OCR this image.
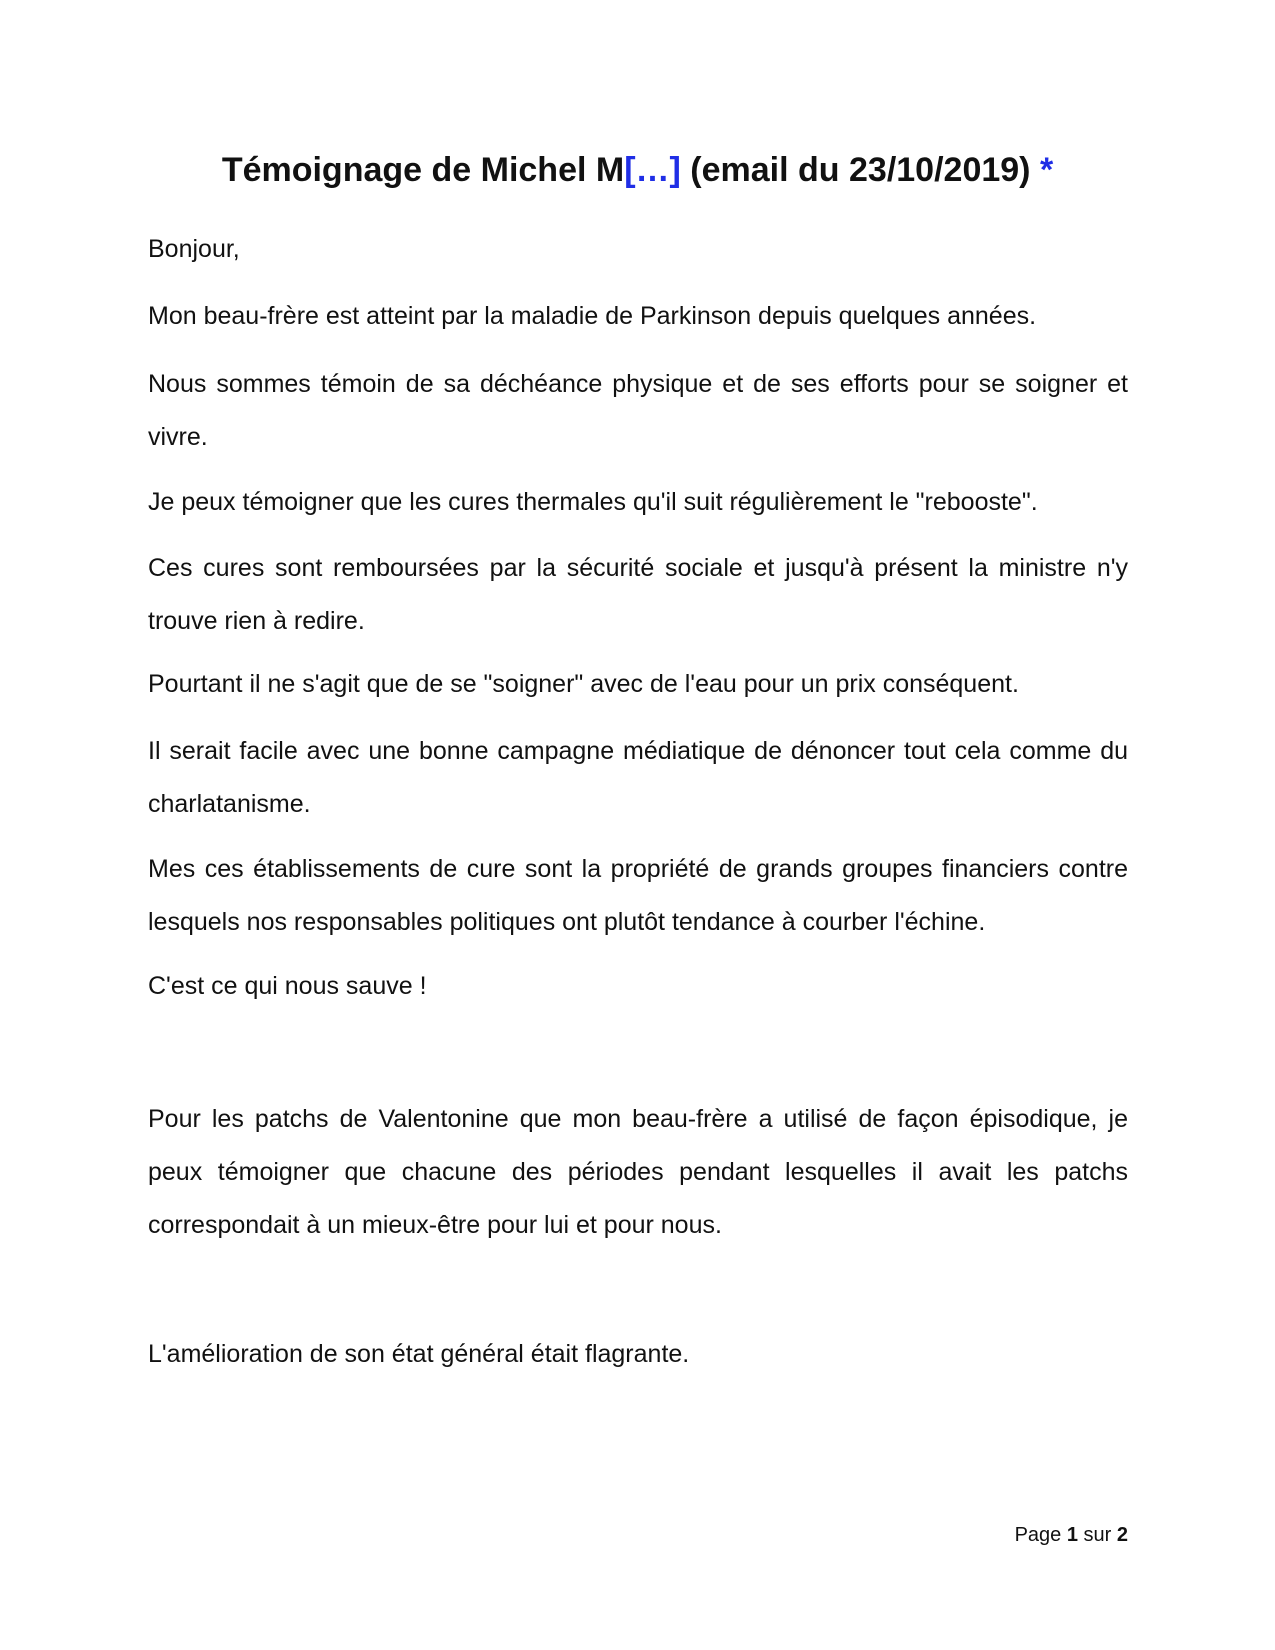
Témoignage de Michel M[…] (email du 23/10/2019) *

Bonjour,

Mon beau-frère est atteint par la maladie de Parkinson depuis quelques années.

Nous sommes témoin de sa déchéance physique et de ses efforts pour se soigner et vivre.

Je peux témoigner que les cures thermales qu'il suit régulièrement le "rebooste".

Ces cures sont remboursées par la sécurité sociale et jusqu'à présent la ministre n'y trouve rien à redire.

Pourtant il ne s'agit que de se "soigner" avec de l'eau pour un prix conséquent.

Il serait facile avec une bonne campagne médiatique de dénoncer tout cela comme du charlatanisme.

Mes ces établissements de cure sont la propriété de grands groupes financiers contre lesquels nos responsables politiques ont plutôt tendance à courber l'échine.

C'est ce qui nous sauve !

Pour les patchs de Valentonine que mon beau-frère a utilisé de façon épisodique, je peux témoigner que chacune des périodes pendant lesquelles il avait les patchs correspondait à un mieux-être pour lui et pour nous.

L'amélioration de son état général était flagrante.

Page 1 sur 2
